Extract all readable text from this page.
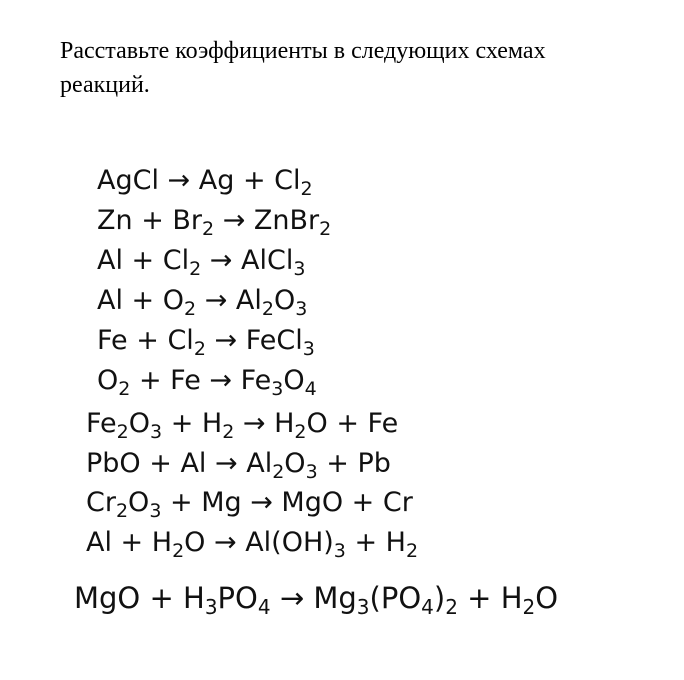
Расставьте коэффициенты в следующих схемах реакций.

AgCl → $Ag + Cl_2$
$Zn + Br_2$ → ZnBr$_2$
$Al + Cl_2$ → AlCl$_3$
$Al + O_2 \to Al_2O_3$
$Fe + Cl_2$ → FeCl$_3$
$O_2 + Fe \to Fe_3O_4$
$Fe_2O_3 + H_2 \to H_2O + Fe$
PbO + $Al \to Al_2O_3 + Pb$
$Cr_2O_3 + Mg$ → MgO + Cr
$Al + H_2O \to Al(OH)_3 + H_2$
MgO + $H_3PO_4 \to Mg_3(PO_4)_2 + H_2O$
